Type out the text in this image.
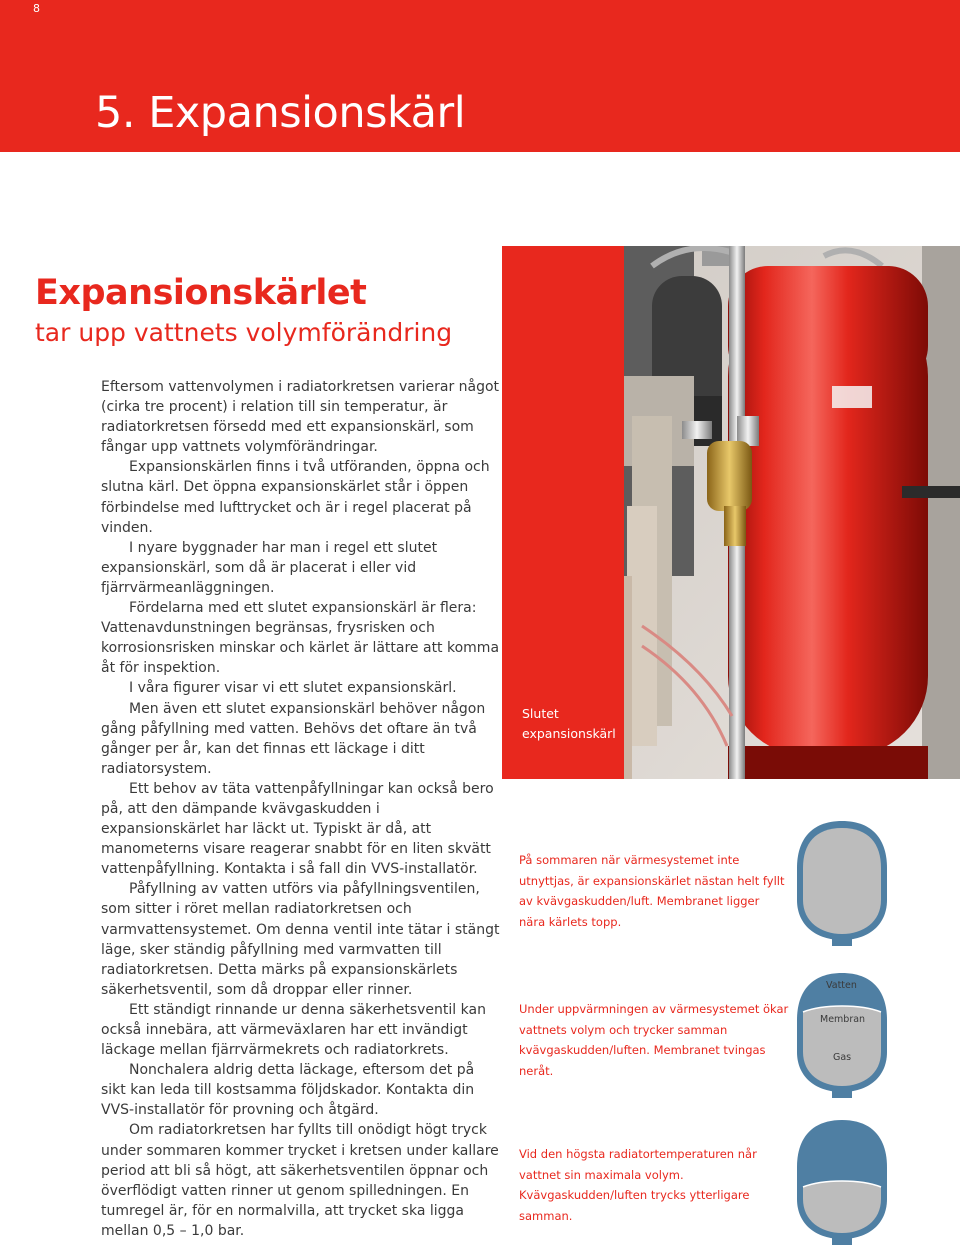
8
5. Expansionskärl
Expansionskärlet
tar upp vattnets volymförändring
Eftersom vattenvolymen i radiatorkretsen varierar något (cirka tre procent) i relation till sin temperatur, är radiatorkretsen försedd med ett expansionskärl, som fångar upp vattnets volymförändringar.
Expansionskärlen finns i två utföranden, öppna och slutna kärl. Det öppna expansionskärlet står i öppen förbindelse med lufttrycket och är i regel placerat på vinden.
I nyare byggnader har man i regel ett slutet expansionskärl, som då är placerat i eller vid fjärrvärmeanläggningen.
Fördelarna med ett slutet expansionskärl är flera: Vattenavdunstningen begränsas, frysrisken och korrosionsrisken minskar och kärlet är lättare att komma åt för inspektion.
I våra figurer visar vi ett slutet expansionskärl.
Men även ett slutet expansionskärl behöver någon gång påfyllning med vatten. Behövs det oftare än två gånger per år, kan det finnas ett läckage i ditt radiatorsystem.
Ett behov av täta vattenpåfyllningar kan också bero på, att den dämpande kvävgaskudden i expansionskärlet har läckt ut. Typiskt är då, att manometerns visare reagerar snabbt för en liten skvätt vattenpåfyllning. Kontakta i så fall din VVS-installatör.
Påfyllning av vatten utförs via påfyllningsventilen, som sitter i röret mellan radiatorkretsen och varmvattensystemet. Om denna ventil inte tätar i stängt läge, sker ständig påfyllning med varmvatten till radiatorkretsen. Detta märks på expansionskärlets säkerhetsventil, som då droppar eller rinner.
Ett ständigt rinnande ur denna säkerhetsventil kan också innebära, att värmeväxlaren har ett invändigt läckage mellan fjärrvärmekrets och radiatorkrets.
Nonchalera aldrig detta läckage, eftersom det på sikt kan leda till kostsamma följdskador. Kontakta din VVS-installatör för provning och åtgärd.
Om radiatorkretsen har fyllts till onödigt högt tryck under sommaren kommer trycket i kretsen under kallare period att bli så högt, att säkerhetsventilen öppnar och överflödigt vatten rinner ut genom spilledningen. En tumregel är, för en normalvilla, att trycket ska ligga mellan 0,5 – 1,0 bar.
Slutet expansionskärl
På sommaren när värmesystemet inte utnyttjas, är expansionskärlet nästan helt fyllt av kvävgaskudden/luft. Membranet ligger nära kärlets topp.
Under uppvärmningen av värmesystemet ökar vattnets volym och trycker samman kvävgaskudden/luften. Membranet tvingas neråt.
Vid den högsta radiatortemperaturen når vattnet sin maximala volym. Kvävgaskudden/luften trycks ytterligare samman.
Vatten
Membran
Gas
